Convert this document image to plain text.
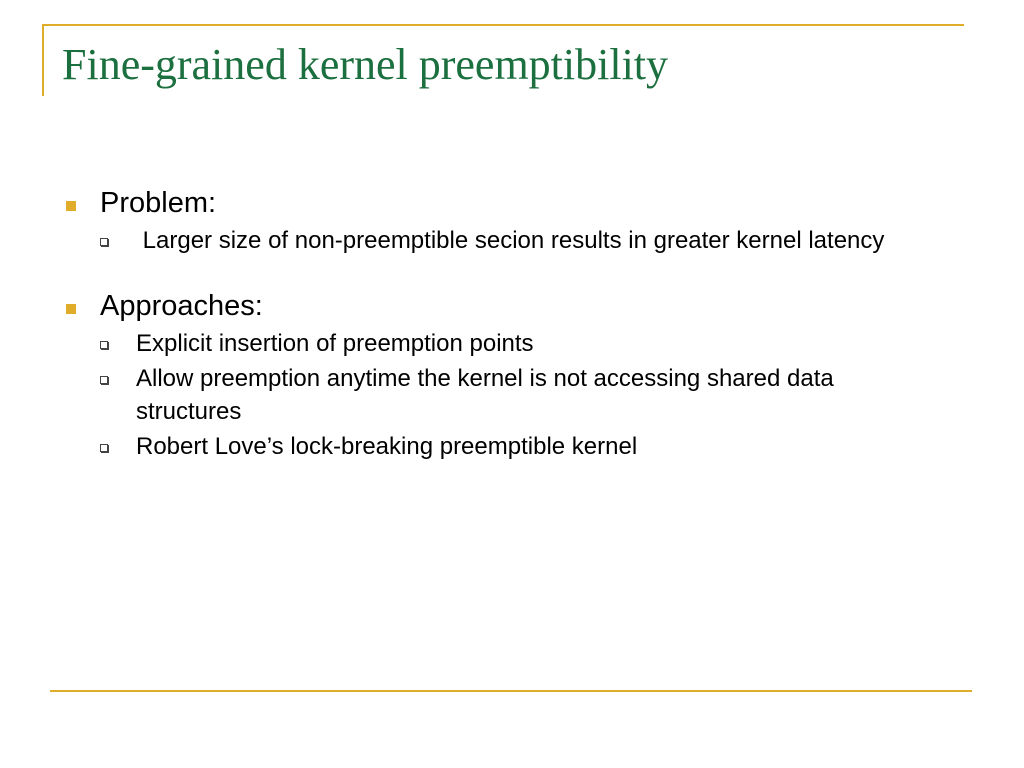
Fine-grained kernel preemptibility

Problem:

Larger size of non-preemptible secion results in greater kernel latency

Approaches:

Explicit insertion of preemption points
Allow preemption anytime the kernel is not accessing shared data structures
Robert Love’s lock-breaking preemptible kernel
